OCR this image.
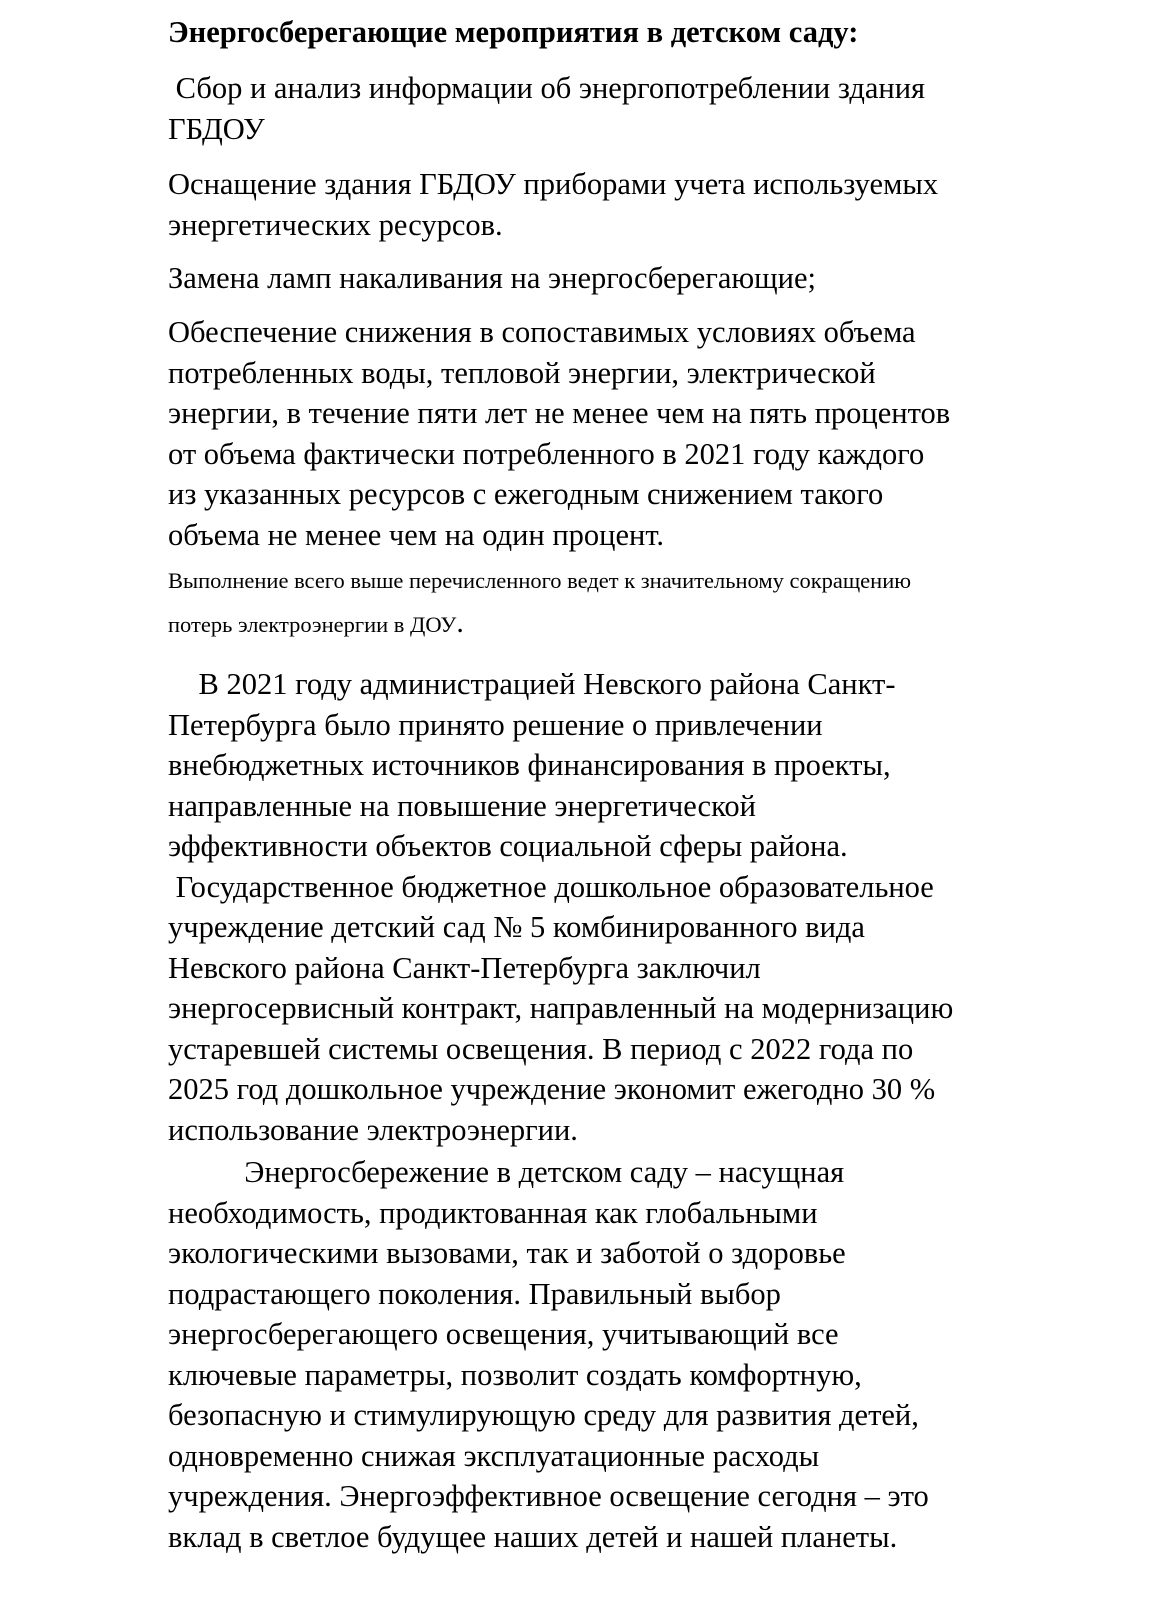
Энергосберегающие мероприятия в детском саду:

Сбор и анализ информации об энергопотреблении здания
ГБДОУ

Оснащение здания ГБДОУ приборами учета используемых
энергетических ресурсов.

Замена ламп накаливания на энергосберегающие;

Обеспечение снижения в сопоставимых условиях объема
потребленных воды, тепловой энергии, электрической
энергии, в течение пяти лет не менее чем на пять процентов
от объема фактически потребленного в 2021 году каждого
из указанных ресурсов с ежегодным снижением такого
объема не менее чем на один процент.

Выполнение всего выше перечисленного ведет к значительному сокращению
потерь электроэнергии в ДОУ.

В 2021 году администрацией Невского района Санкт-
Петербурга было принято решение о привлечении
внебюджетных источников финансирования в проекты,
направленные на повышение энергетической
эффективности объектов социальной сферы района.
Государственное бюджетное дошкольное образовательное
учреждение детский сад № 5 комбинированного вида
Невского района Санкт-Петербурга заключил
энергосервисный контракт, направленный на модернизацию
устаревшей системы освещения. В период с 2022 года по
2025 год дошкольное учреждение экономит ежегодно 30 %
использование электроэнергии.

Энергосбережение в детском саду – насущная
необходимость, продиктованная как глобальными
экологическими вызовами, так и заботой о здоровье
подрастающего поколения. Правильный выбор
энергосберегающего освещения, учитывающий все
ключевые параметры, позволит создать комфортную,
безопасную и стимулирующую среду для развития детей,
одновременно снижая эксплуатационные расходы
учреждения. Энергоэффективное освещение сегодня – это
вклад в светлое будущее наших детей и нашей планеты.
